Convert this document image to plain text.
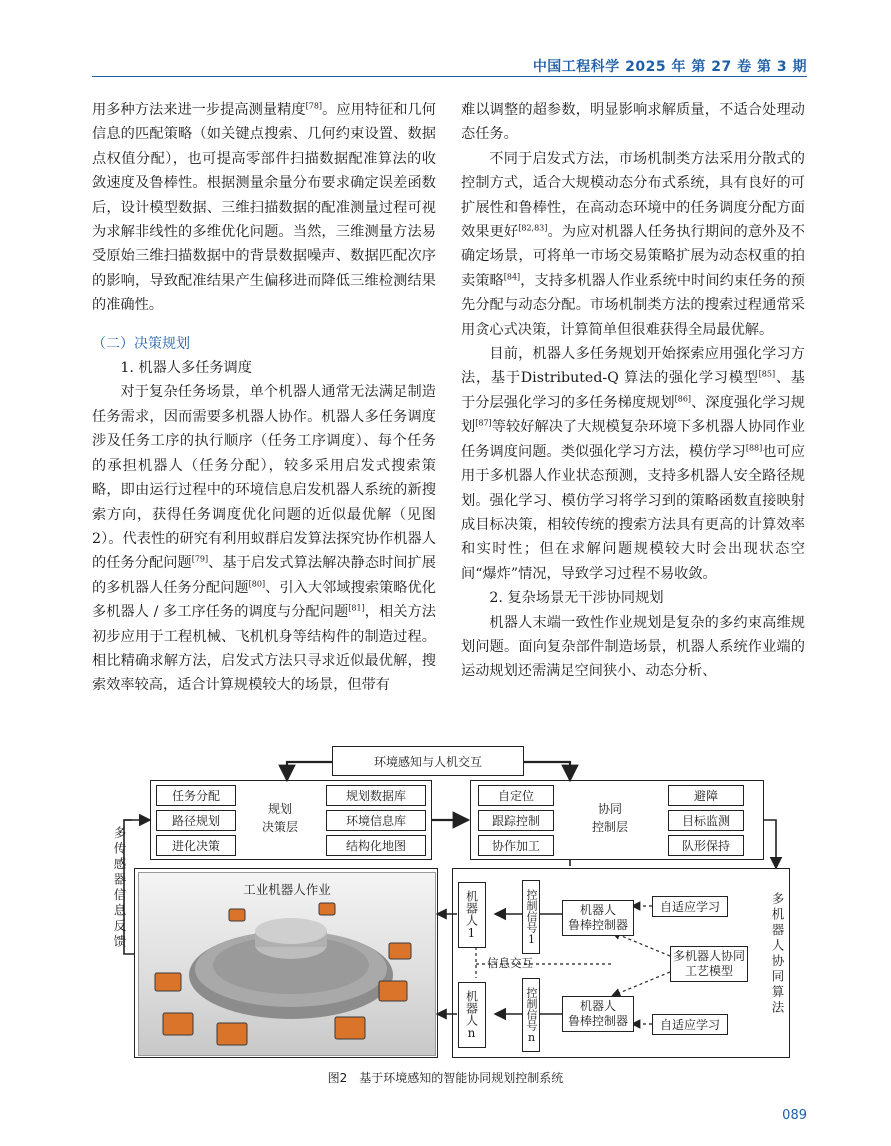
中国工程科学 2025 年 第 27 卷 第 3 期

用多种方法来进一步提高测量精度[78]。应用特征和几何信息的匹配策略（如关键点搜索、几何约束设置、数据点权值分配），也可提高零部件扫描数据配准算法的收敛速度及鲁棒性。根据测量余量分布要求确定误差函数后，设计模型数据、三维扫描数据的配准测量过程可视为求解非线性的多维优化问题。当然，三维测量方法易受原始三维扫描数据中的背景数据噪声、数据匹配次序的影响，导致配准结果产生偏移进而降低三维检测结果的准确性。

（二）决策规划

1. 机器人多任务调度

对于复杂任务场景，单个机器人通常无法满足制造任务需求，因而需要多机器人协作。机器人多任务调度涉及任务工序的执行顺序（任务工序调度）、每个任务的承担机器人（任务分配），较多采用启发式搜索策略，即由运行过程中的环境信息启发机器人系统的新搜索方向，获得任务调度优化问题的近似最优解（见图2）。代表性的研究有利用蚁群启发算法探究协作机器人的任务分配问题[79]、基于启发式算法解决静态时间扩展的多机器人任务分配问题[80]、引入大邻域搜索策略优化多机器人 / 多工序任务的调度与分配问题[81]，相关方法初步应用于工程机械、飞机机身等结构件的制造过程。相比精确求解方法，启发式方法只寻求近似最优解，搜索效率较高，适合计算规模较大的场景，但带有

难以调整的超参数，明显影响求解质量，不适合处理动态任务。

不同于启发式方法，市场机制类方法采用分散式的控制方式，适合大规模动态分布式系统，具有良好的可扩展性和鲁棒性，在高动态环境中的任务调度分配方面效果更好[82,83]。为应对机器人任务执行期间的意外及不确定场景，可将单一市场交易策略扩展为动态权重的拍卖策略[84]，支持多机器人作业系统中时间约束任务的预先分配与动态分配。市场机制类方法的搜索过程通常采用贪心式决策，计算简单但很难获得全局最优解。

目前，机器人多任务规划开始探索应用强化学习方法，基于Distributed-Q 算法的强化学习模型[85]、基于分层强化学习的多任务梯度规划[86]、深度强化学习规划[87]等较好解决了大规模复杂环境下多机器人协同作业任务调度问题。类似强化学习方法，模仿学习[88]也可应用于多机器人作业状态预测，支持多机器人安全路径规划。强化学习、模仿学习将学习到的策略函数直接映射成目标决策，相较传统的搜索方法具有更高的计算效率和实时性；但在求解问题规模较大时会出现状态空间“爆炸”情况，导致学习过程不易收敛。

2. 复杂场景无干涉协同规划

机器人末端一致性作业规划是复杂的多约束高维规划问题。面向复杂部件制造场景，机器人系统作业端的运动规划还需满足空间狭小、动态分析、

环境感知与人机交互
任务分配
路径规划
进化决策
规划
决策层
规划数据库
环境信息库
结构化地图
自定位
跟踪控制
协作加工
协同
控制层
避障
目标监测
队形保持
多传感器信息反馈	工业机器人作业
机器人1
机器人n
控制信号1
控制信号n
信息交互
机器人
鲁棒控制器
机器人
鲁棒控制器
自适应学习
自适应学习
多机器人协同
工艺模型	多机器人协同算法
图2　基于环境感知的智能协同规划控制系统
089
